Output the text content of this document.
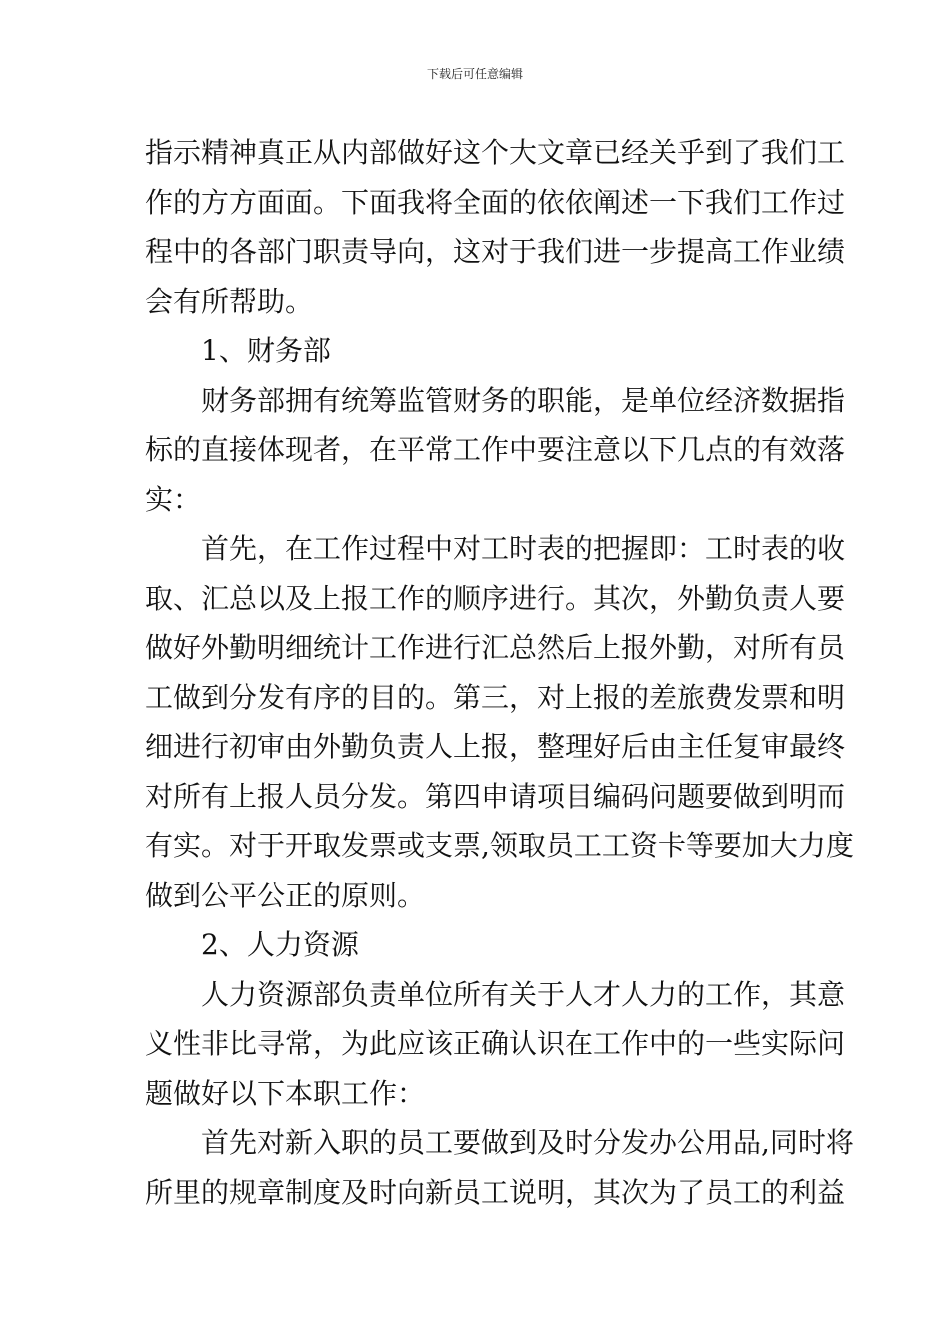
下载后可任意编辑
指示精神真正从内部做好这个大文章已经关乎到了我们工
作的方方面面。下面我将全面的依依阐述一下我们工作过
程中的各部门职责导向，这对于我们进一步提高工作业绩
会有所帮助。
1、财务部
财务部拥有统筹监管财务的职能，是单位经济数据指
标的直接体现者，在平常工作中要注意以下几点的有效落
实：
首先，在工作过程中对工时表的把握即：工时表的收
取、汇总以及上报工作的顺序进行。其次，外勤负责人要
做好外勤明细统计工作进行汇总然后上报外勤，对所有员
工做到分发有序的目的。第三，对上报的差旅费发票和明
细进行初审由外勤负责人上报，整理好后由主任复审最终
对所有上报人员分发。第四申请项目编码问题要做到明而
有实。对于开取发票或支票,领取员工工资卡等要加大力度
做到公平公正的原则。
2、人力资源
人力资源部负责单位所有关于人才人力的工作，其意
义性非比寻常，为此应该正确认识在工作中的一些实际问
题做好以下本职工作：
首先对新入职的员工要做到及时分发办公用品,同时将
所里的规章制度及时向新员工说明，其次为了员工的利益
